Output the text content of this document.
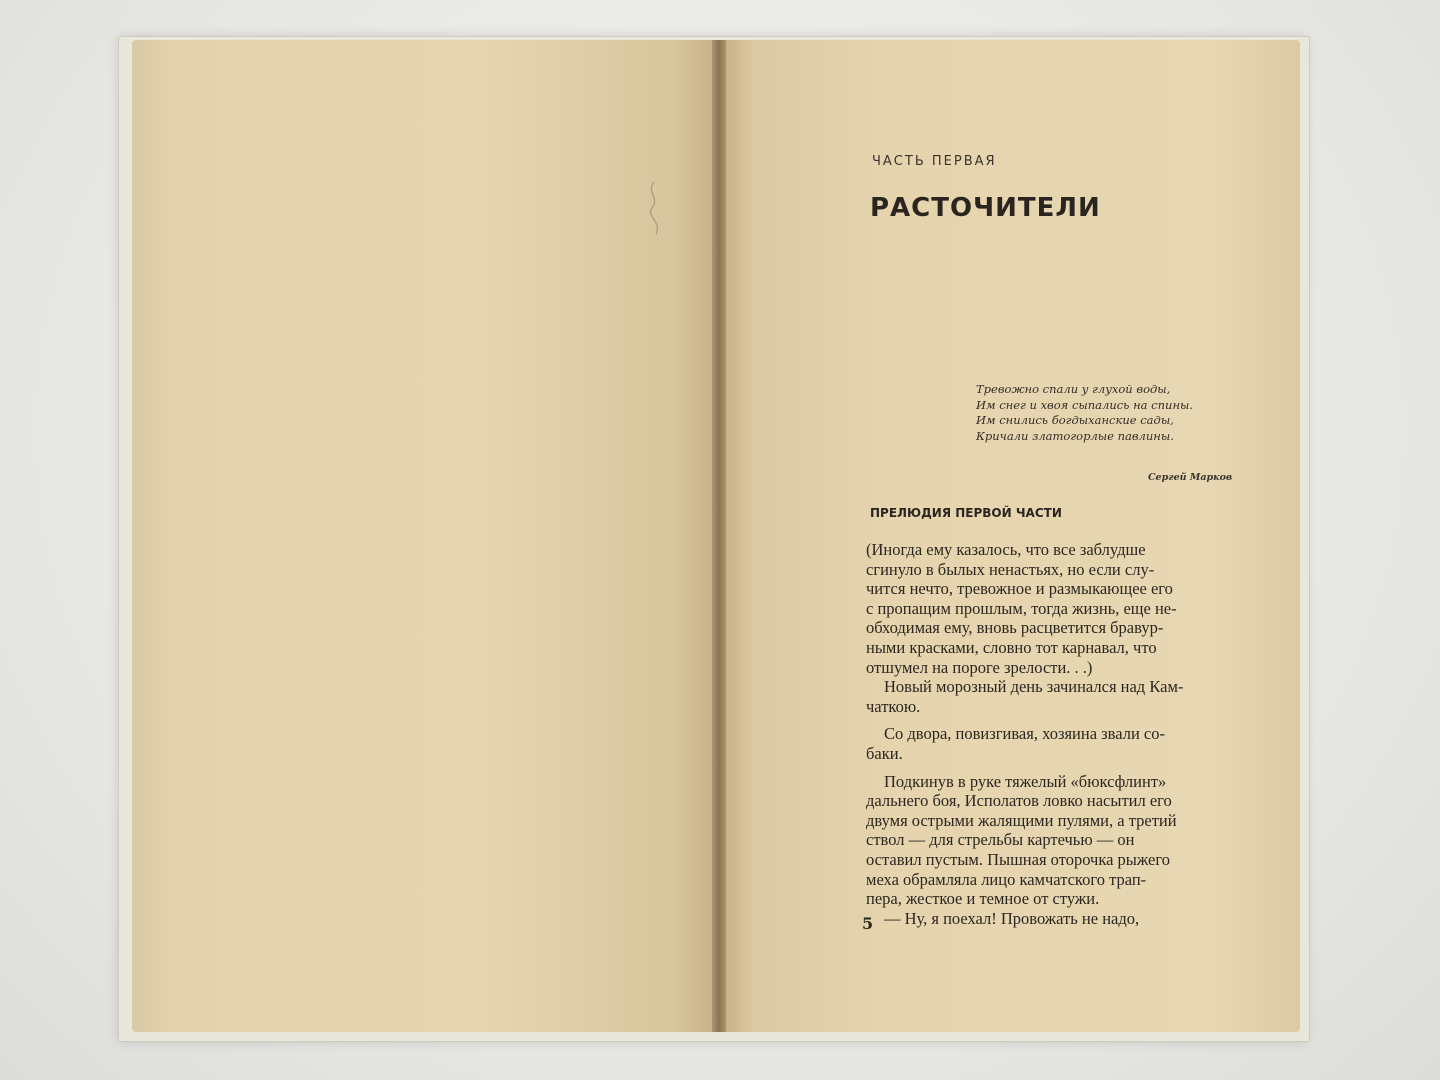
ЧАСТЬ ПЕРВАЯ
РАСТОЧИТЕЛИ
Тревожно спали у глухой воды,
Им снег и хвоя сыпались на спины.
Им снились богдыханские сады,
Кричали златогорлые павлины.
Сергей Марков
ПРЕЛЮДИЯ ПЕРВОЙ ЧАСТИ
(Иногда ему казалось, что все заблудше
сгинуло в былых ненастьях, но если слу-
чится нечто, тревожное и размыкающее его
с пропащим прошлым, тогда жизнь, еще не-
обходимая ему, вновь расцветится бравур-
ными красками, словно тот карнавал, что
отшумел на пороге зрелости. . .)
Новый морозный день зачинался над Кам-
чаткою.
Со двора, повизгивая, хозяина звали со-
баки.
Подкинув в руке тяжелый «бюксфлинт»
дальнего боя, Исполатов ловко насытил его
двумя острыми жалящими пулями, а третий
ствол — для стрельбы картечью — он
оставил пустым. Пышная оторочка рыжего
меха обрамляла лицо камчатского трап-
пера, жесткое и темное от стужи.
— Ну, я поехал! Провожать не надо,
5
